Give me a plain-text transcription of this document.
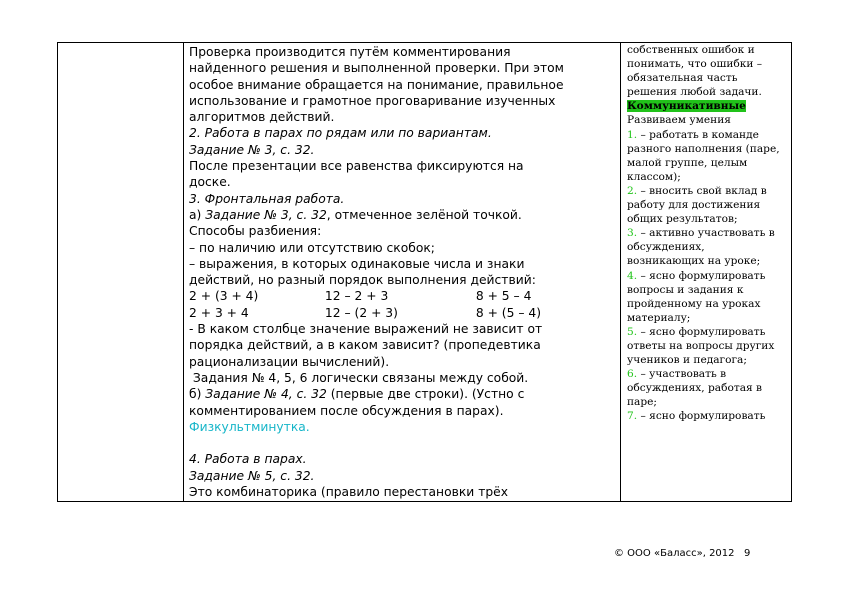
Проверка производится путём комментирования
найденного решения и выполненной проверки. При этом
особое внимание обращается на понимание, правильное
использование и грамотное проговаривание изученных
алгоритмов действий.
2. Работа в парах по рядам или по вариантам.
Задание № 3, с. 32.
После презентации все равенства фиксируются на
доске.
3. Фронтальная работа.
а) Задание № 3, с. 32, отмеченное зелёной точкой.
Способы разбиения:
– по наличию или отсутствию скобок;
– выражения, в которых одинаковые числа и знаки
действий, но разный порядок выполнения действий:
2 + (3 + 4)	12 – 2 + 3	8 + 5 – 4
2 + 3 + 4	12 – (2 + 3)	8 + (5 – 4)
- В каком столбце значение выражений не зависит от
порядка действий, а в каком зависит? (пропедевтика
рационализации вычислений).
Задания № 4, 5, 6 логически связаны между собой.
б) Задание № 4, с. 32 (первые две строки). (Устно с
комментированием после обсуждения в парах).
Физкультминутка.
4. Работа в парах.
Задание № 5, с. 32.
Это комбинаторика (правило перестановки трёх

собственных ошибок и
понимать, что ошибки –
обязательная часть
решения любой задачи.
Коммуникативные
Развиваем умения
1. – работать в команде
разного наполнения (паре,
малой группе, целым
классом);
2. – вносить свой вклад в
работу для достижения
общих результатов;
3. – активно участвовать в
обсуждениях,
возникающих на уроке;
4. – ясно формулировать
вопросы и задания к
пройденному на уроках
материалу;
5. – ясно формулировать
ответы на вопросы других
учеников и педагога;
6. – участвовать в
обсуждениях, работая в
паре;
7. – ясно формулировать
© ООО «Баласс», 2012   9
